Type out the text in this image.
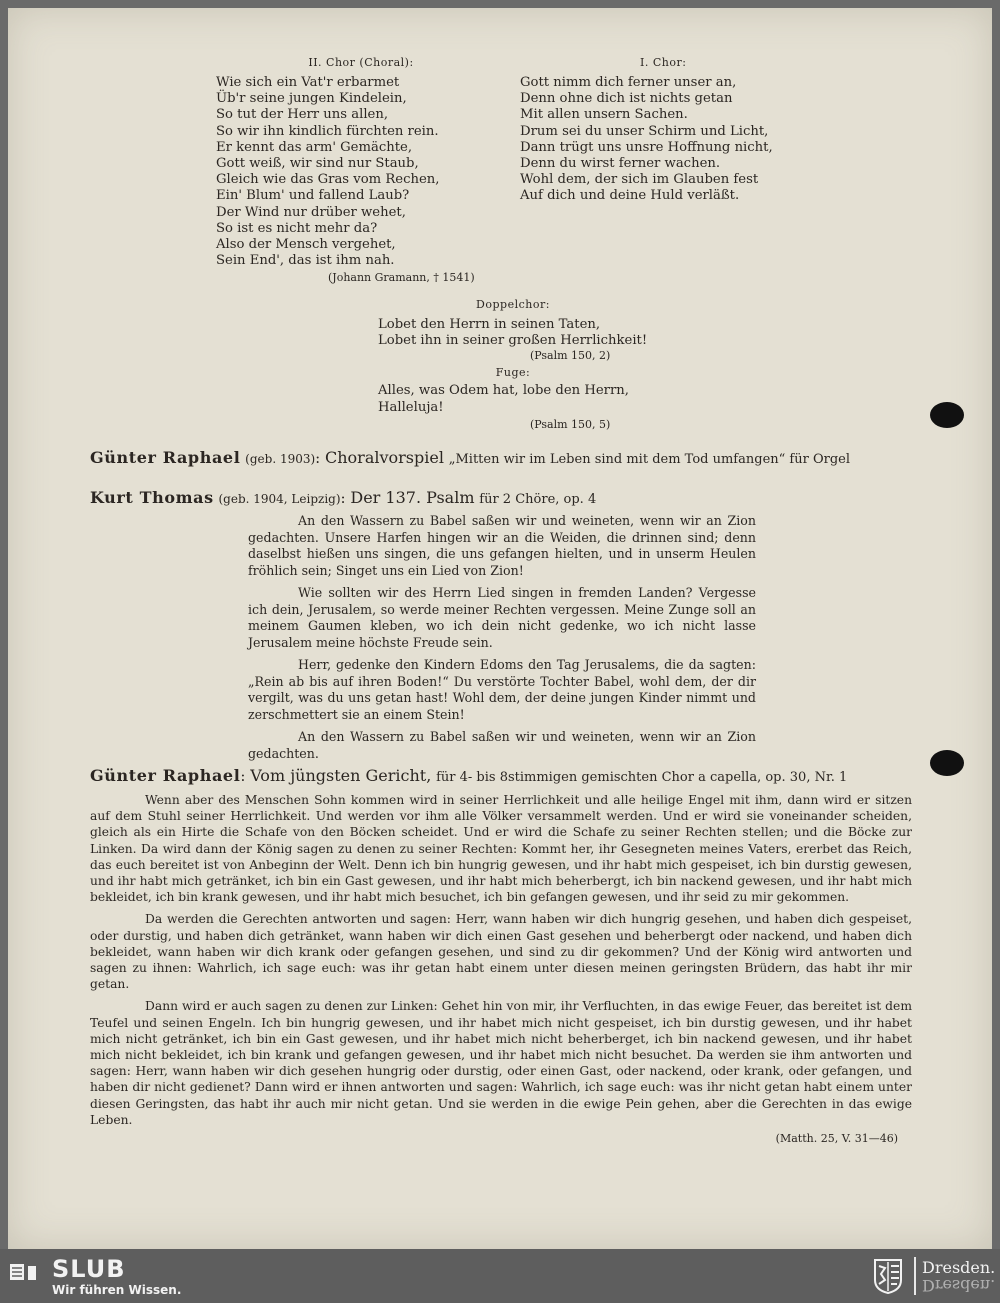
II. Chor (Choral):
Wie sich ein Vat'r erbarmet
Üb'r seine jungen Kindelein,
So tut der Herr uns allen,
So wir ihn kindlich fürchten rein.
Er kennt das arm' Gemächte,
Gott weiß, wir sind nur Staub,
Gleich wie das Gras vom Rechen,
Ein' Blum' und fallend Laub?
Der Wind nur drüber wehet,
So ist es nicht mehr da?
Also der Mensch vergehet,
Sein End', das ist ihm nah.
(Johann Gramann, † 1541)
I. Chor:
Gott nimm dich ferner unser an,
Denn ohne dich ist nichts getan
Mit allen unsern Sachen.
Drum sei du unser Schirm und Licht,
Dann trügt uns unsre Hoffnung nicht,
Denn du wirst ferner wachen.
Wohl dem, der sich im Glauben fest
Auf dich und deine Huld verläßt.
Doppelchor:
Lobet den Herrn in seinen Taten,
Lobet ihn in seiner großen Herrlichkeit!
(Psalm 150, 2)
Fuge:
Alles, was Odem hat, lobe den Herrn,
Halleluja!
(Psalm 150, 5)
Günter Raphael (geb. 1903): Choralvorspiel „Mitten wir im Leben sind mit dem Tod umfangen“ für Orgel
Kurt Thomas (geb. 1904, Leipzig): Der 137. Psalm für 2 Chöre, op. 4

An den Wassern zu Babel saßen wir und weineten, wenn wir an Zion gedachten. Unsere Harfen hingen wir an die Weiden, die drinnen sind; denn daselbst hießen uns singen, die uns gefangen hielten, und in unserm Heulen fröhlich sein; Singet uns ein Lied von Zion!

Wie sollten wir des Herrn Lied singen in fremden Landen? Vergesse ich dein, Jerusalem, so werde meiner Rechten vergessen. Meine Zunge soll an meinem Gaumen kleben, wo ich dein nicht gedenke, wo ich nicht lasse Jerusalem meine höchste Freude sein.

Herr, gedenke den Kindern Edoms den Tag Jerusalems, die da sagten: „Rein ab bis auf ihren Boden!“ Du verstörte Tochter Babel, wohl dem, der dir vergilt, was du uns getan hast! Wohl dem, der deine jungen Kinder nimmt und zerschmettert sie an einem Stein!

An den Wassern zu Babel saßen wir und weineten, wenn wir an Zion gedachten.

Günter Raphael: Vom jüngsten Gericht, für 4- bis 8stimmigen gemischten Chor a capella, op. 30, Nr. 1

Wenn aber des Menschen Sohn kommen wird in seiner Herrlichkeit und alle heilige Engel mit ihm, dann wird er sitzen auf dem Stuhl seiner Herrlichkeit. Und werden vor ihm alle Völker versammelt werden. Und er wird sie voneinander scheiden, gleich als ein Hirte die Schafe von den Böcken scheidet. Und er wird die Schafe zu seiner Rechten stellen; und die Böcke zur Linken. Da wird dann der König sagen zu denen zu seiner Rechten: Kommt her, ihr Gesegneten meines Vaters, ererbet das Reich, das euch bereitet ist von Anbeginn der Welt. Denn ich bin hungrig gewesen, und ihr habt mich gespeiset, ich bin durstig gewesen, und ihr habt mich getränket, ich bin ein Gast gewesen, und ihr habt mich beherbergt, ich bin nackend gewesen, und ihr habt mich bekleidet, ich bin krank gewesen, und ihr habt mich besuchet, ich bin gefangen gewesen, und ihr seid zu mir gekommen.

Da werden die Gerechten antworten und sagen: Herr, wann haben wir dich hungrig gesehen, und haben dich gespeiset, oder durstig, und haben dich getränket, wann haben wir dich einen Gast gesehen und beherbergt oder nackend, und haben dich bekleidet, wann haben wir dich krank oder gefangen gesehen, und sind zu dir gekommen? Und der König wird antworten und sagen zu ihnen: Wahrlich, ich sage euch: was ihr getan habt einem unter diesen meinen geringsten Brüdern, das habt ihr mir getan.

Dann wird er auch sagen zu denen zur Linken: Gehet hin von mir, ihr Verfluchten, in das ewige Feuer, das bereitet ist dem Teufel und seinen Engeln. Ich bin hungrig gewesen, und ihr habet mich nicht gespeiset, ich bin durstig gewesen, und ihr habet mich nicht getränket, ich bin ein Gast gewesen, und ihr habet mich nicht beherberget, ich bin nackend gewesen, und ihr habet mich nicht bekleidet, ich bin krank und gefangen gewesen, und ihr habet mich nicht besuchet. Da werden sie ihm antworten und sagen: Herr, wann haben wir dich gesehen hungrig oder durstig, oder einen Gast, oder nackend, oder krank, oder gefangen, und haben dir nicht gedienet? Dann wird er ihnen antworten und sagen: Wahrlich, ich sage euch: was ihr nicht getan habt einem unter diesen Geringsten, das habt ihr auch mir nicht getan. Und sie werden in die ewige Pein gehen, aber die Gerechten in das ewige Leben.

(Matth. 25, V. 31—46)
SLUB
Wir führen Wissen.
Dresden.
Dresden.
